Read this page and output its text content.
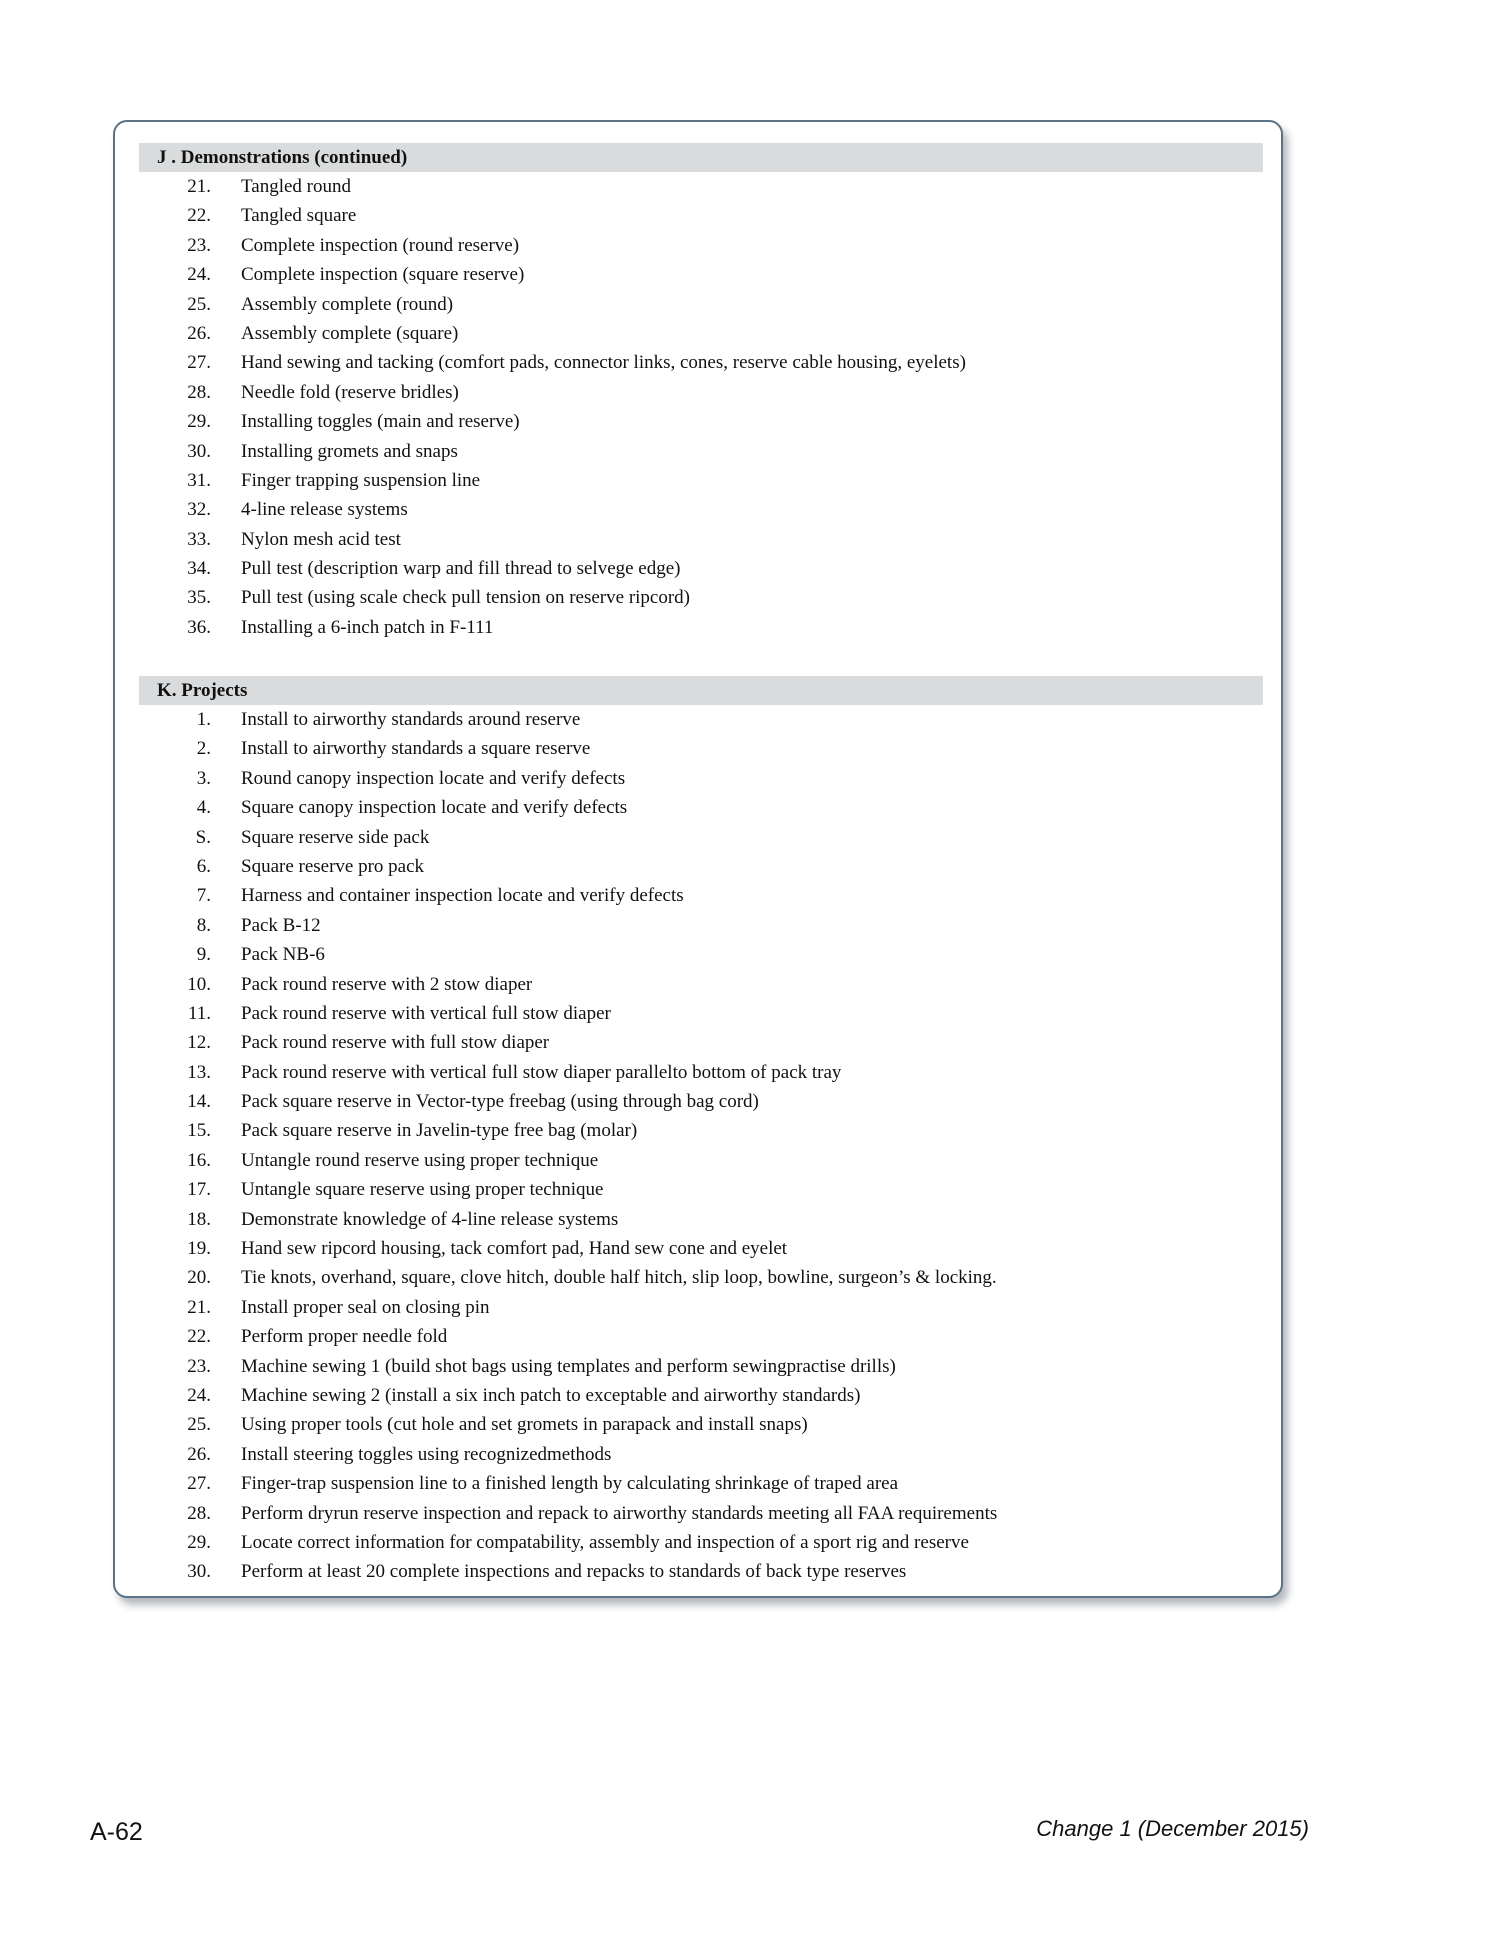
J . Demonstrations (continued)
21. Tangled round
22. Tangled square
23. Complete inspection (round reserve)
24. Complete inspection (square reserve)
25. Assembly complete (round)
26. Assembly complete (square)
27. Hand sewing and tacking (comfort pads, connector links, cones, reserve cable housing, eyelets)
28. Needle fold (reserve bridles)
29. Installing toggles (main and reserve)
30. Installing gromets and snaps
31. Finger trapping suspension line
32. 4-line release systems
33. Nylon mesh acid test
34. Pull test (description warp and fill thread to selvege edge)
35. Pull test (using scale check pull tension on reserve ripcord)
36. Installing a 6-inch patch in F-111
K. Projects
1. Install to airworthy standards around reserve
2. Install to airworthy standards a square reserve
3. Round canopy inspection locate and verify defects
4. Square canopy inspection locate and verify defects
S. Square reserve side pack
6. Square reserve pro pack
7. Harness and container inspection locate and verify defects
8. Pack B-12
9. Pack NB-6
10. Pack round reserve with 2 stow diaper
11. Pack round reserve with vertical full stow diaper
12. Pack round reserve with full stow diaper
13. Pack round reserve with vertical full stow diaper parallelto bottom of pack tray
14. Pack square reserve in Vector-type freebag (using through bag cord)
15. Pack square reserve in Javelin-type free bag (molar)
16. Untangle round reserve using proper technique
17. Untangle square reserve using proper technique
18. Demonstrate knowledge of 4-line release systems
19. Hand sew ripcord housing, tack comfort pad, Hand sew cone and eyelet
20. Tie knots, overhand, square, clove hitch, double half hitch, slip loop, bowline, surgeon’s & locking.
21. Install proper seal on closing pin
22. Perform proper needle fold
23. Machine sewing 1 (build shot bags using templates and perform sewingpractise drills)
24. Machine sewing 2 (install a six inch patch to exceptable and airworthy standards)
25. Using proper tools (cut hole and set gromets in parapack and install snaps)
26. Install steering toggles using recognizedmethods
27. Finger-trap suspension line to a finished length by calculating shrinkage of traped area
28. Perform dryrun reserve inspection and repack to airworthy standards meeting all FAA requirements
29. Locate correct information for compatability, assembly and inspection of a sport rig and reserve
30. Perform at least 20 complete inspections and repacks to standards of back type reserves
A-62	Change 1 (December 2015)
